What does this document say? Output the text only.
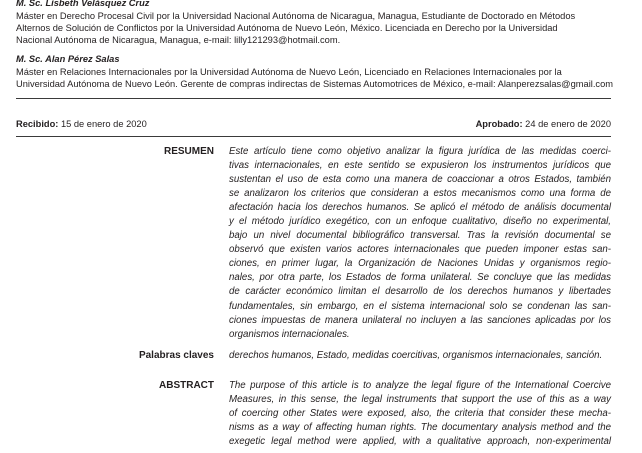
M. Sc. Lisbeth Velásquez Cruz
Máster en Derecho Procesal Civil por la Universidad Nacional Autónoma de Nicaragua, Managua, Estudiante de Doctorado en Métodos
Alternos de Solución de Conflictos por la Universidad Autónoma de Nuevo León, México. Licenciada en Derecho por la Universidad
Nacional Autónoma de Nicaragua, Managua, e-mail: lilly121293@hotmail.com.
M. Sc. Alan Pérez Salas
Máster en Relaciones Internacionales por la Universidad Autónoma de Nuevo León, Licenciado en Relaciones Internacionales por la
Universidad Autónoma de Nuevo León. Gerente de compras indirectas de Sistemas Automotrices de México, e-mail: Alanperezsalas@gmail.com
Recibido: 15 de enero de 2020	Aprobado: 24 de enero de 2020
RESUMEN Este artículo tiene como objetivo analizar la figura jurídica de las medidas coerci-
tivas internacionales, en este sentido se expusieron los instrumentos jurídicos que
sustentan el uso de esta como una manera de coaccionar a otros Estados, también
se analizaron los criterios que consideran a estos mecanismos como una forma de
afectación hacia los derechos humanos. Se aplicó el método de análisis documental
y el método jurídico exegético, con un enfoque cualitativo, diseño no experimental,
bajo un nivel documental bibliográfico transversal. Tras la revisión documental se
observó que existen varios actores internacionales que pueden imponer estas san-
ciones, en primer lugar, la Organización de Naciones Unidas y organismos regio-
nales, por otra parte, los Estados de forma unilateral. Se concluye que las medidas
de carácter económico limitan el desarrollo de los derechos humanos y libertades
fundamentales, sin embargo, en el sistema internacional solo se condenan las san-
ciones impuestas de manera unilateral no incluyen a las sanciones aplicadas por los
organismos internacionales.
Palabras claves derechos humanos, Estado, medidas coercitivas, organismos internacionales, sanción.
ABSTRACT The purpose of this article is to analyze the legal figure of the International Coercive
Measures, in this sense, the legal instruments that support the use of this as a way
of coercing other States were exposed, also, the criteria that consider these mecha-
nisms as a way of affecting human rights. The documentary analysis method and the
exegetic legal method were applied, with a qualitative approach, non-experimental
